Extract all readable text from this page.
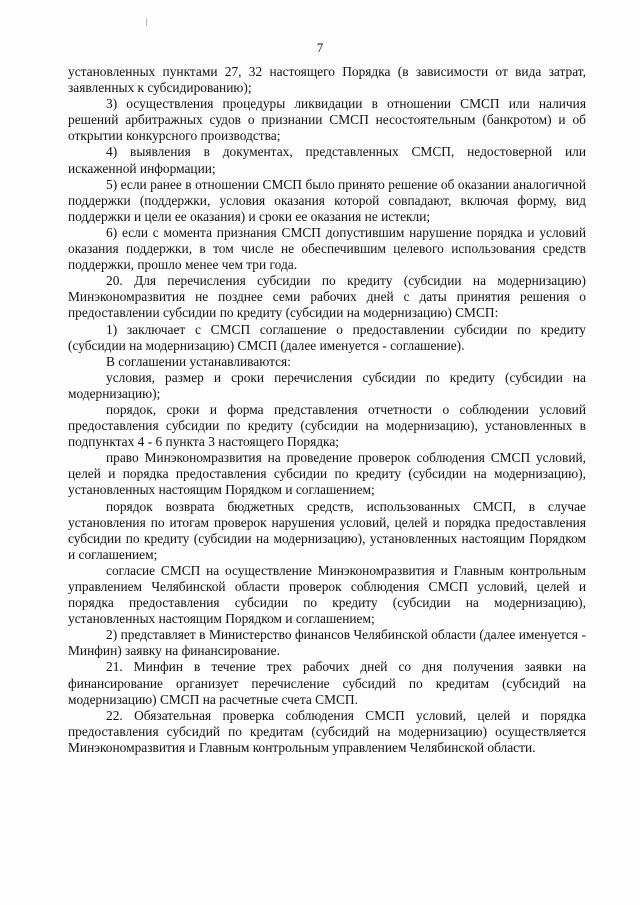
7

установленных пунктами 27, 32 настоящего Порядка (в зависимости от вида затрат, заявленных к субсидированию);

3) осуществления процедуры ликвидации в отношении СМСП или наличия решений арбитражных судов о признании СМСП несостоятельным (банкротом) и об открытии конкурсного производства;

4) выявления в документах, представленных СМСП, недостоверной или искаженной информации;

5) если ранее в отношении СМСП было принято решение об оказании аналогичной поддержки (поддержки, условия оказания которой совпадают, включая форму, вид поддержки и цели ее оказания) и сроки ее оказания не истекли;

6) если с момента признания СМСП допустившим нарушение порядка и условий оказания поддержки, в том числе не обеспечившим целевого использования средств поддержки, прошло менее чем три года.

20. Для перечисления субсидии по кредиту (субсидии на модернизацию) Минэкономразвития не позднее семи рабочих дней с даты принятия решения о предоставлении субсидии по кредиту (субсидии на модернизацию) СМСП:

1) заключает с СМСП соглашение о предоставлении субсидии по кредиту (субсидии на модернизацию) СМСП (далее именуется - соглашение).

В соглашении устанавливаются:

условия, размер и сроки перечисления субсидии по кредиту (субсидии на модернизацию);

порядок, сроки и форма представления отчетности о соблюдении условий предоставления субсидии по кредиту (субсидии на модернизацию), установленных в подпунктах 4 - 6 пункта 3 настоящего Порядка;

право Минэкономразвития на проведение проверок соблюдения СМСП условий, целей и порядка предоставления субсидии по кредиту (субсидии на модернизацию), установленных настоящим Порядком и соглашением;

порядок возврата бюджетных средств, использованных СМСП, в случае установления по итогам проверок нарушения условий, целей и порядка предоставления субсидии по кредиту (субсидии на модернизацию), установленных настоящим Порядком и соглашением;

согласие СМСП на осуществление Минэкономразвития и Главным контрольным управлением Челябинской области проверок соблюдения СМСП условий, целей и порядка предоставления субсидии по кредиту (субсидии на модернизацию), установленных настоящим Порядком и соглашением;

2) представляет в Министерство финансов Челябинской области (далее именуется - Минфин) заявку на финансирование.

21. Минфин в течение трех рабочих дней со дня получения заявки на финансирование организует перечисление субсидий по кредитам (субсидий на модернизацию) СМСП на расчетные счета СМСП.

22. Обязательная проверка соблюдения СМСП условий, целей и порядка предоставления субсидий по кредитам (субсидий на модернизацию) осуществляется Минэкономразвития и Главным контрольным управлением Челябинской области.
